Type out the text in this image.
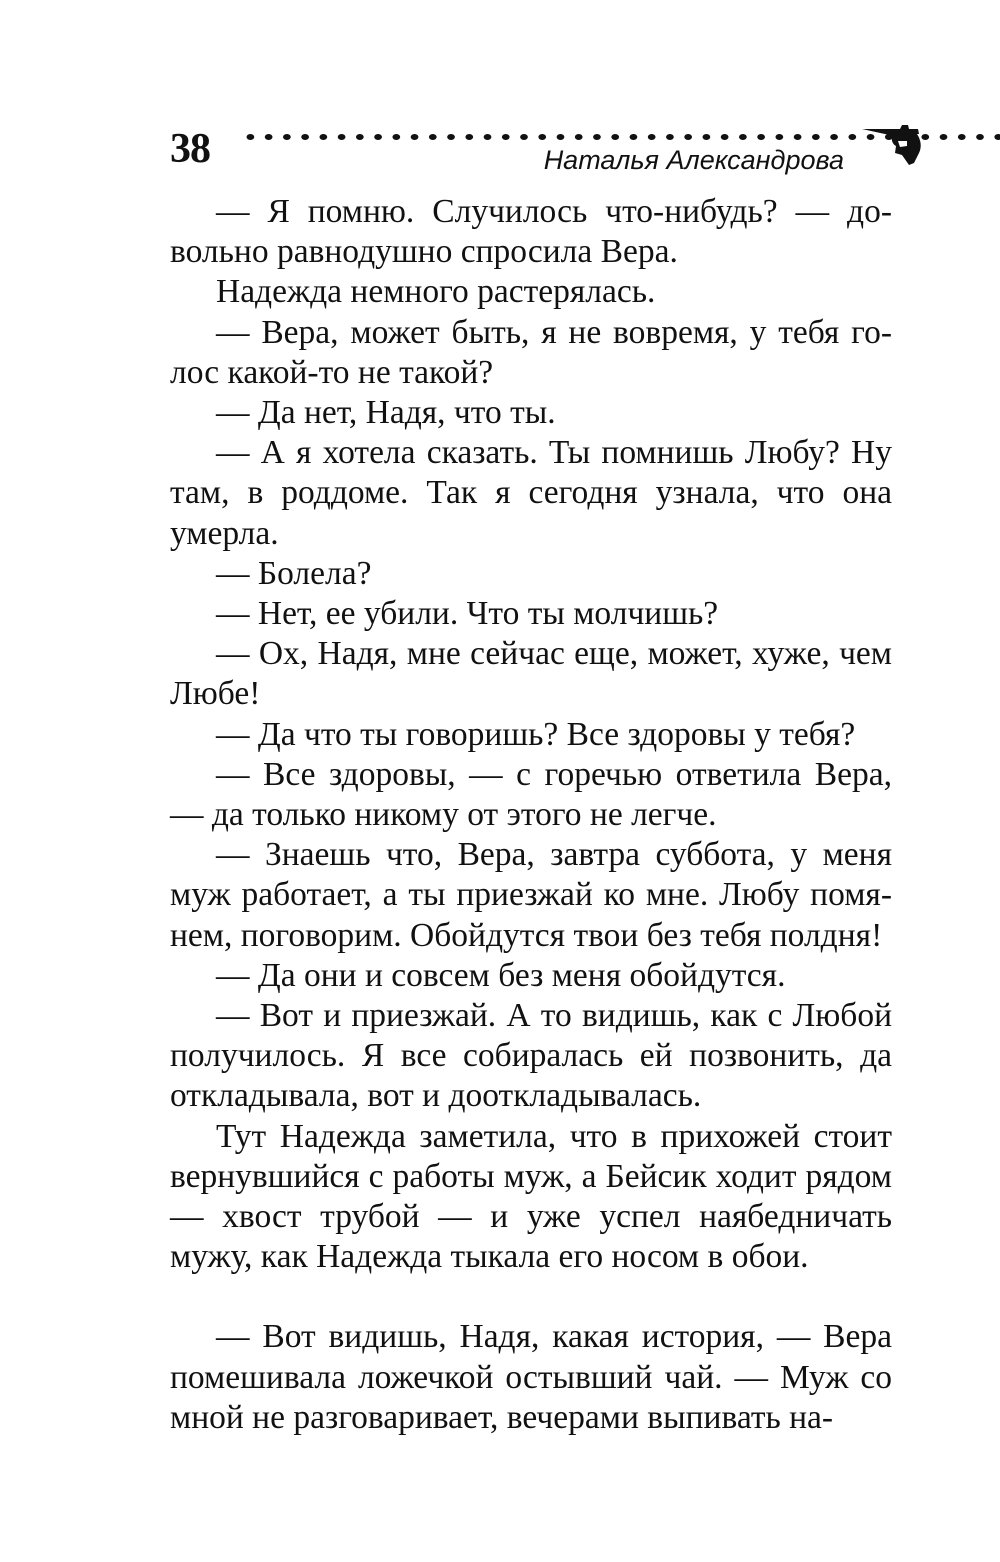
38	Наталья Александрова

— Я помню. Случилось что-нибудь? — довольно равнодушно спросила Вера.

Надежда немного растерялась.

— Вера, может быть, я не вовремя, у тебя голос какой-то не такой?

— Да нет, Надя, что ты.

— А я хотела сказать. Ты помнишь Любу? Ну там, в роддоме. Так я сегодня узнала, что она умерла.

— Болела?

— Нет, ее убили. Что ты молчишь?

— Ох, Надя, мне сейчас еще, может, хуже, чем Любе!

— Да что ты говоришь? Все здоровы у тебя?

— Все здоровы, — с горечью ответила Вера, — да только никому от этого не легче.

— Знаешь что, Вера, завтра суббота, у меня муж работает, а ты приезжай ко мне. Любу помянем, поговорим. Обойдутся твои без тебя полдня!

— Да они и совсем без меня обойдутся.

— Вот и приезжай. А то видишь, как с Любой получилось. Я все собиралась ей позвонить, да откладывала, вот и дооткладывалась.

Тут Надежда заметила, что в прихожей стоит вернувшийся с работы муж, а Бейсик ходит рядом — хвост трубой — и уже успел наябедничать мужу, как Надежда тыкала его носом в обои.

— Вот видишь, Надя, какая история, — Вера помешивала ложечкой остывший чай. — Муж со мной не разговаривает, вечерами выпивать на-
